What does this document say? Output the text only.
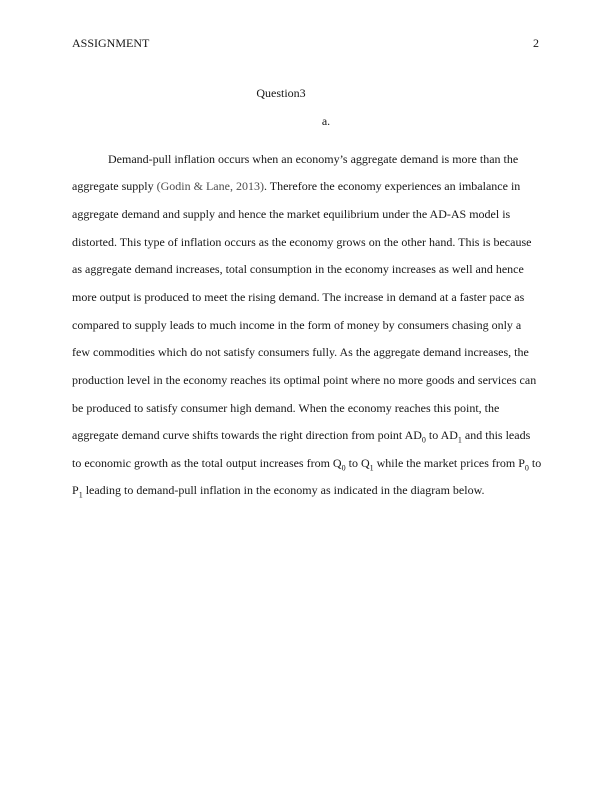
ASSIGNMENT	2
Question3
a.
Demand-pull inflation occurs when an economy’s aggregate demand is more than the
aggregate supply (Godin & Lane, 2013). Therefore the economy experiences an imbalance in
aggregate demand and supply and hence the market equilibrium under the AD-AS model is
distorted. This type of inflation occurs as the economy grows on the other hand. This is because
as aggregate demand increases, total consumption in the economy increases as well and hence
more output is produced to meet the rising demand. The increase in demand at a faster pace as
compared to supply leads to much income in the form of money by consumers chasing only a
few commodities which do not satisfy consumers fully. As the aggregate demand increases, the
production level in the economy reaches its optimal point where no more goods and services can
be produced to satisfy consumer high demand. When the economy reaches this point, the
aggregate demand curve shifts towards the right direction from point $AD_0$ to $AD_1$ and this leads
to economic growth as the total output increases from $Q_0$ to $Q_1$ while the market prices from $P_0$ to
$P_1$ leading to demand-pull inflation in the economy as indicated in the diagram below.
